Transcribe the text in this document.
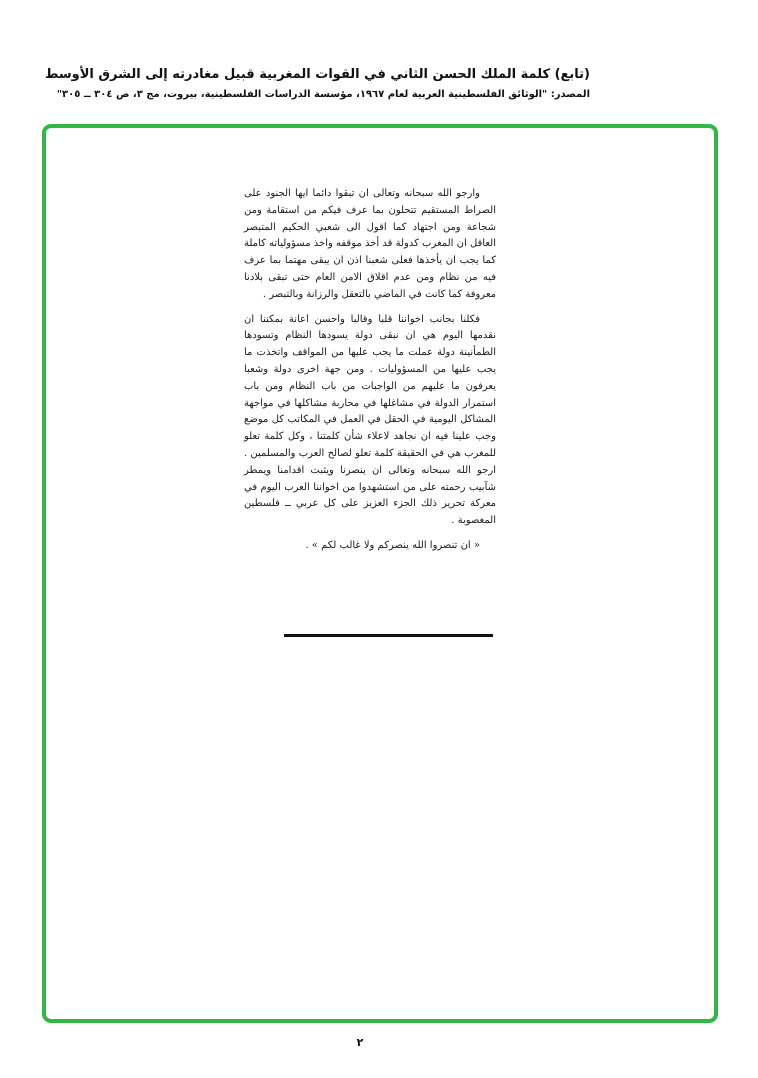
(تابع) كلمة الملك الحسن الثاني في القوات المغربية قبيل مغادرته إلى الشرق الأوسط
المصدر: "الوثائق الفلسطينية العربية لعام ١٩٦٧، مؤسسة الدراسات الفلسطينية، بيروت، مج ٣، ص ٣٠٤ ــ ٣٠٥"

وارجو الله سبحانه وتعالى ان تبقوا دائما ايها الجنود على الصراط المستقيم تتحلون بما عرف فيكم من استقامة ومن شجاعة ومن اجتهاد كما اقول الى شعبي الحكيم المتبصر العاقل ان المغرب كدولة قد أخذ موقفه واخذ مسؤولياته كاملة كما يجب ان يأخذها فعلى شعبنا اذن ان يبقى مهتما بما عرف فيه من نظام ومن عدم اقلاق الامن العام حتى تبقى بلادنا معروفة كما كانت في الماضي بالتعقل والرزانة وبالتبصر .

فكلنا بجانب اخواننا قلبا وقالبا واحسن اعانة بمكننا ان نقدمها اليوم هي ان نبقى دولة يسودها النظام وتسودها الطمأنينة دولة عملت ما يجب عليها من المواقف واتخذت ما يجب عليها من المسؤوليات . ومن جهة اخرى دولة وشعبا يعرفون ما عليهم من الواجبات من باب النظام ومن باب استمرار الدولة في مشاغلها في محاربة مشاكلها في مواجهة المشاكل اليومية في الحقل في العمل في المكاتب كل موضع وجب علينا فيه ان نجاهد لاعلاء شأن كلمتنا ، وكل كلمة تعلو للمغرب هي في الحقيقة كلمة تعلو لصالح العرب والمسلمين . ارجو الله سبحانه وتعالى ان ينصرنا ويثبت اقدامنا ويمطر شآبيب رحمته على من استشهدوا من اخواننا العرب اليوم في معركة تحرير ذلك الجزء العزيز على كل عربي ــ فلسطين المغصوبة .

« ان تنصروا الله ينصركم ولا غالب لكم » .

٢
